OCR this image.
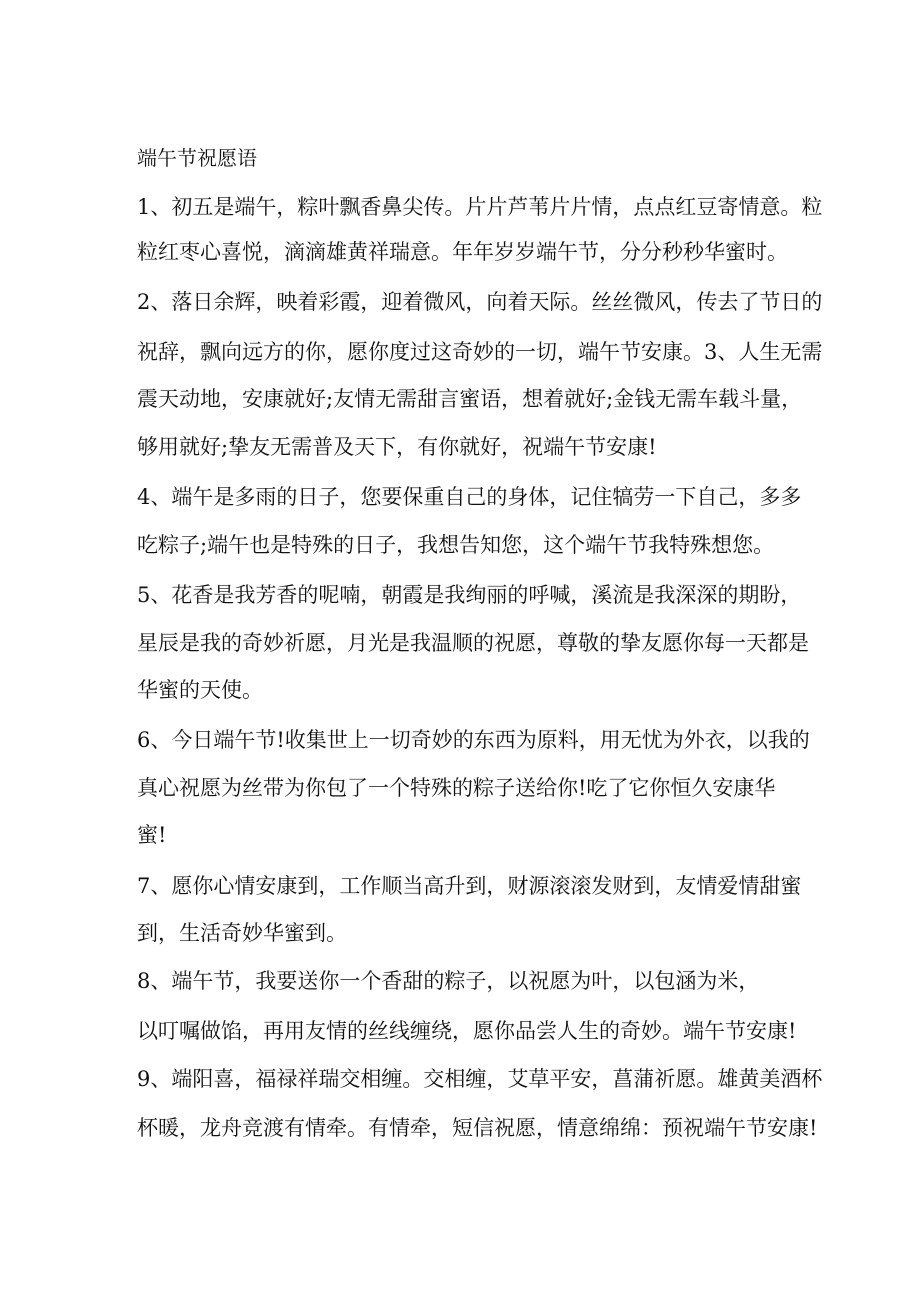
端午节祝愿语
1、初五是端午，粽叶飘香鼻尖传。片片芦苇片片情，点点红豆寄情意。粒
粒红枣心喜悦，滴滴雄黄祥瑞意。年年岁岁端午节，分分秒秒华蜜时。
2、落日余辉，映着彩霞，迎着微风，向着天际。丝丝微风，传去了节日的
祝辞，飘向远方的你，愿你度过这奇妙的一切，端午节安康。3、人生无需
震天动地，安康就好;友情无需甜言蜜语，想着就好;金钱无需车载斗量，
够用就好;挚友无需普及天下，有你就好，祝端午节安康!
4、端午是多雨的日子，您要保重自己的身体，记住犒劳一下自己，多多
吃粽子;端午也是特殊的日子，我想告知您，这个端午节我特殊想您。
5、花香是我芳香的呢喃，朝霞是我绚丽的呼喊，溪流是我深深的期盼，
星辰是我的奇妙祈愿，月光是我温顺的祝愿，尊敬的挚友愿你每一天都是
华蜜的天使。
6、今日端午节!收集世上一切奇妙的东西为原料，用无忧为外衣，以我的
真心祝愿为丝带为你包了一个特殊的粽子送给你!吃了它你恒久安康华
蜜!
7、愿你心情安康到，工作顺当高升到，财源滚滚发财到，友情爱情甜蜜
到，生活奇妙华蜜到。
8、端午节，我要送你一个香甜的粽子，以祝愿为叶，以包涵为米，
以叮嘱做馅，再用友情的丝线缠绕，愿你品尝人生的奇妙。端午节安康!
9、端阳喜，福禄祥瑞交相缠。交相缠，艾草平安，菖蒲祈愿。雄黄美酒杯
杯暖，龙舟竞渡有情牵。有情牵，短信祝愿，情意绵绵：预祝端午节安康!
